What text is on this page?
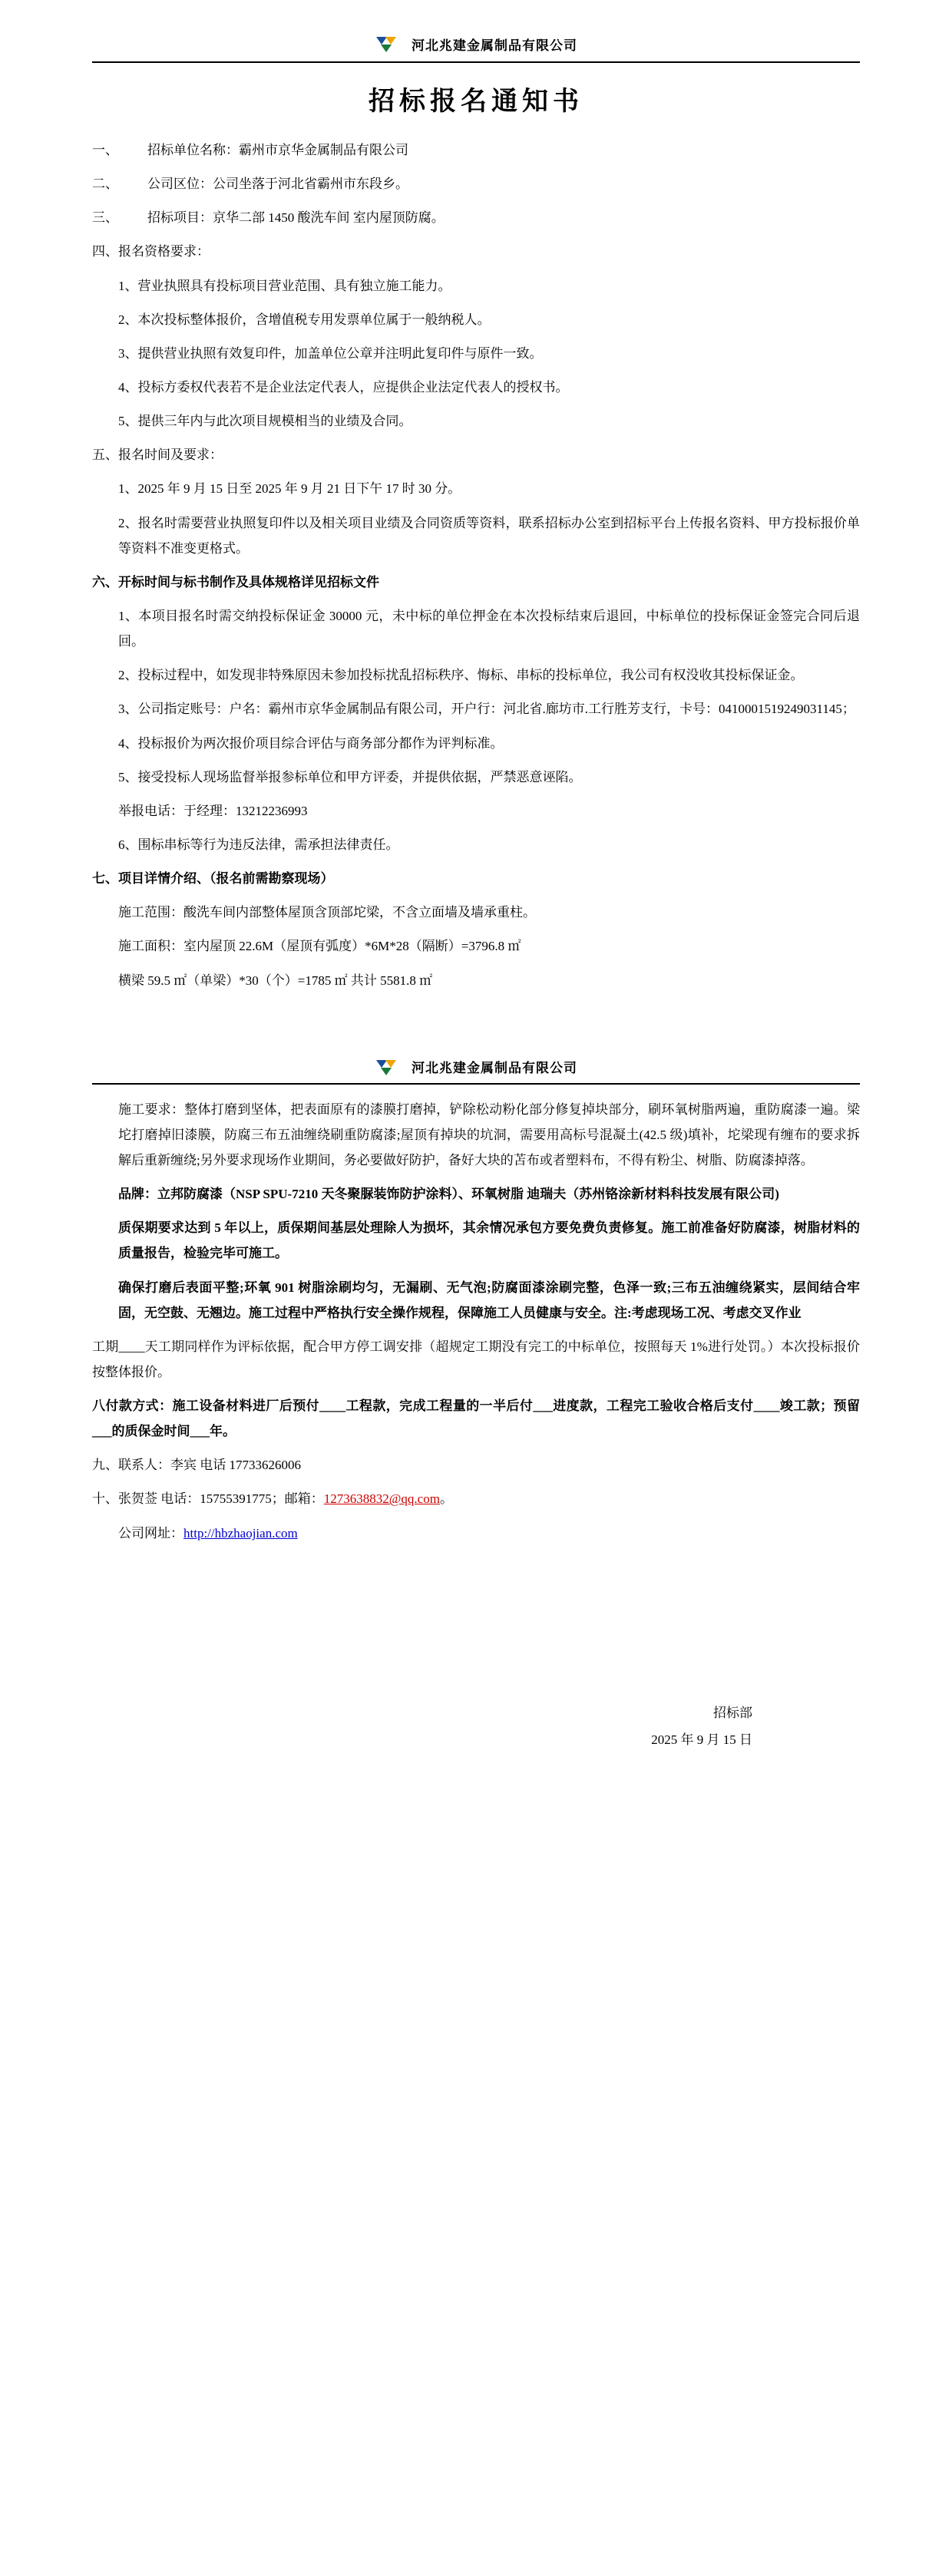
河北兆建金属制品有限公司
招标报名通知书

一、 招标单位名称：霸州市京华金属制品有限公司

二、 公司区位：公司坐落于河北省霸州市东段乡。

三、 招标项目：京华二部 1450 酸洗车间 室内屋顶防腐。

四、报名资格要求：

1、营业执照具有投标项目营业范围、具有独立施工能力。

2、本次投标整体报价，含增值税专用发票单位属于一般纳税人。

3、提供营业执照有效复印件，加盖单位公章并注明此复印件与原件一致。

4、投标方委权代表若不是企业法定代表人，应提供企业法定代表人的授权书。

5、提供三年内与此次项目规模相当的业绩及合同。

五、报名时间及要求：

1、2025 年 9 月 15 日至 2025 年 9 月 21 日下午 17 时 30 分。

2、报名时需要营业执照复印件以及相关项目业绩及合同资质等资料，联系招标办公室到招标平台上传报名资料、甲方投标报价单等资料不准变更格式。

六、开标时间与标书制作及具体规格详见招标文件

1、本项目报名时需交纳投标保证金 30000 元，未中标的单位押金在本次投标结束后退回，中标单位的投标保证金签完合同后退回。

2、投标过程中，如发现非特殊原因未参加投标扰乱招标秩序、悔标、串标的投标单位，我公司有权没收其投标保证金。

3、公司指定账号：户名：霸州市京华金属制品有限公司，开户行：河北省.廊坊市.工行胜芳支行，卡号：0410001519249031145；

4、投标报价为两次报价项目综合评估与商务部分都作为评判标准。

5、接受投标人现场监督举报参标单位和甲方评委，并提供依据，严禁恶意诬陷。

举报电话：于经理：13212236993

6、围标串标等行为违反法律，需承担法律责任。

七、项目详情介绍、（报名前需勘察现场）

施工范围：酸洗车间内部整体屋顶含顶部坨梁，不含立面墙及墙承重柱。

施工面积：室内屋顶 22.6M（屋顶有弧度）*6M*28（隔断）=3796.8 ㎡

横梁 59.5 ㎡（单梁）*30（个）=1785 ㎡ 共计 5581.8 ㎡

河北兆建金属制品有限公司

施工要求：整体打磨到坚体，把表面原有的漆膜打磨掉，铲除松动粉化部分修复掉块部分，刷环氧树脂两遍，重防腐漆一遍。梁坨打磨掉旧漆膜，防腐三布五油缠绕刷重防腐漆;屋顶有掉块的坑洞，需要用高标号混凝土(42.5 级)填补，坨梁现有缠布的要求拆解后重新缠绕;另外要求现场作业期间，务必要做好防护，备好大块的苫布或者塑料布，不得有粉尘、树脂、防腐漆掉落。

品牌：立邦防腐漆（NSP SPU-7210 天冬聚脲装饰防护涂料）、环氧树脂 迪瑞夫（苏州铬涂新材料科技发展有限公司)

质保期要求达到 5 年以上，质保期间基层处理除人为损坏，其余情况承包方要免费负责修复。施工前准备好防腐漆，树脂材料的质量报告，检验完毕可施工。

确保打磨后表面平整;环氧 901 树脂涂刷均匀，无漏刷、无气泡;防腐面漆涂刷完整，色泽一致;三布五油缠绕紧实，层间结合牢固，无空鼓、无翘边。施工过程中严格执行安全操作规程，保障施工人员健康与安全。注:考虑现场工况、考虑交叉作业

工期____天工期同样作为评标依据，配合甲方停工调安排（超规定工期没有完工的中标单位，按照每天 1%进行处罚。）本次投标报价按整体报价。

八付款方式：施工设备材料进厂后预付____工程款，完成工程量的一半后付___进度款，工程完工验收合格后支付____竣工款；预留___的质保金时间___年。

九、联系人：李宾 电话 17733626006

十、张贺莶 电话：15755391775；邮箱：1273638832@qq.com。

公司网址：http://hbzhaojian.com

招标部
2025 年 9 月 15 日
